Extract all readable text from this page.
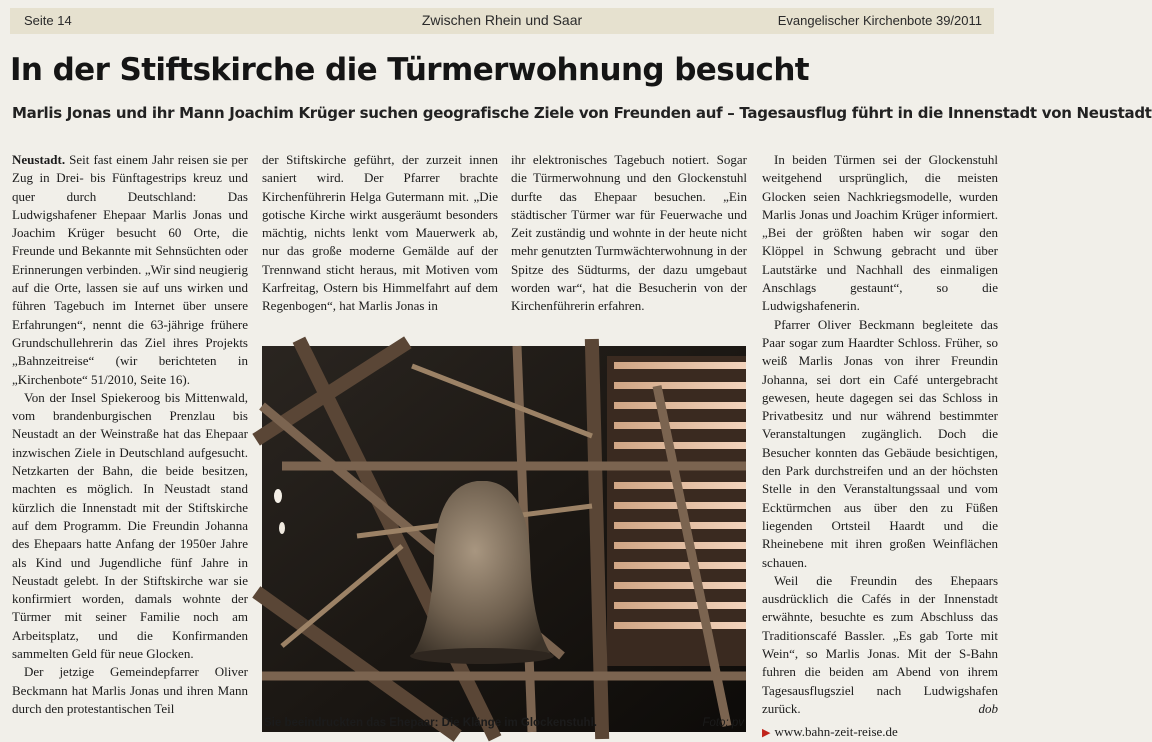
Seite 14	Zwischen Rhein und Saar	Evangelischer Kirchenbote 39/2011
In der Stiftskirche die Türmerwohnung besucht
Marlis Jonas und ihr Mann Joachim Krüger suchen geografische Ziele von Freunden auf – Tagesausflug führt in die Innenstadt von Neustadt

Neustadt. Seit fast einem Jahr reisen sie per Zug in Drei- bis Fünftagestrips kreuz und quer durch Deutschland: Das Ludwigshafener Ehepaar Marlis Jonas und Joachim Krüger besucht 60 Orte, die Freunde und Bekannte mit Sehnsüchten oder Erinnerungen verbinden. „Wir sind neugierig auf die Orte, lassen sie auf uns wirken und führen Tagebuch im Internet über unsere Erfahrungen“, nennt die 63-jährige frühere Grundschullehrerin das Ziel ihres Projekts „Bahnzeitreise“ (wir berichteten in „Kirchenbote“ 51/2010, Seite 16).

Von der Insel Spiekeroog bis Mittenwald, vom brandenburgischen Prenzlau bis Neustadt an der Weinstraße hat das Ehepaar inzwischen Ziele in Deutschland aufgesucht. Netzkarten der Bahn, die beide besitzen, machten es möglich. In Neustadt stand kürzlich die Innenstadt mit der Stiftskirche auf dem Programm. Die Freundin Johanna des Ehepaars hatte Anfang der 1950er Jahre als Kind und Jugendliche fünf Jahre in Neustadt gelebt. In der Stiftskirche war sie konfirmiert worden, damals wohnte der Türmer mit seiner Familie noch am Arbeitsplatz, und die Konfirmanden sammelten Geld für neue Glocken.

Der jetzige Gemeindepfarrer Oliver Beckmann hat Marlis Jonas und ihren Mann durch den protestantischen Teil

der Stiftskirche geführt, der zurzeit innen saniert wird. Der Pfarrer brachte Kirchenführerin Helga Gutermann mit. „Die gotische Kirche wirkt ausgeräumt besonders mächtig, nichts lenkt vom Mauerwerk ab, nur das große moderne Gemälde auf der Trennwand sticht heraus, mit Motiven vom Karfreitag, Ostern bis Himmelfahrt auf dem Regenbogen“, hat Marlis Jonas in

ihr elektronisches Tagebuch notiert. Sogar die Türmerwohnung und den Glockenstuhl durfte das Ehepaar besuchen. „Ein städtischer Türmer war für Feuerwache und Zeit zuständig und wohnte in der heute nicht mehr genutzten Turmwächterwohnung in der Spitze des Südturms, der dazu umgebaut worden war“, hat die Besucherin von der Kirchenführerin erfahren.

In beiden Türmen sei der Glockenstuhl weitgehend ursprünglich, die meisten Glocken seien Nachkriegsmodelle, wurden Marlis Jonas und Joachim Krüger informiert. „Bei der größten haben wir sogar den Klöppel in Schwung gebracht und über Lautstärke und Nachhall des einmaligen Anschlags gestaunt“, so die Ludwigshafenerin.

Pfarrer Oliver Beckmann begleitete das Paar sogar zum Haardter Schloss. Früher, so weiß Marlis Jonas von ihrer Freundin Johanna, sei dort ein Café untergebracht gewesen, heute dagegen sei das Schloss in Privatbesitz und nur während bestimmter Veranstaltungen zugänglich. Doch die Besucher konnten das Gebäude besichtigen, den Park durchstreifen und an der höchsten Stelle in den Veranstaltungssaal und vom Ecktürmchen aus über den zu Füßen liegenden Ortsteil Haardt und die Rheinebene mit ihren großen Weinflächen schauen.

Weil die Freundin des Ehepaars ausdrücklich die Cafés in der Innenstadt erwähnte, besuchte es zum Abschluss das Traditionscafé Bassler. „Es gab Torte mit Wein“, so Marlis Jonas. Mit der S-Bahn fuhren die beiden am Abend von ihrem Tagesausflugsziel nach Ludwigshafen zurück.	dob
▶ www.bahn-zeit-reise.de
Sie beeindruckten das Ehepaar: Die Klänge im Glockenstuhl.	Foto: pv
